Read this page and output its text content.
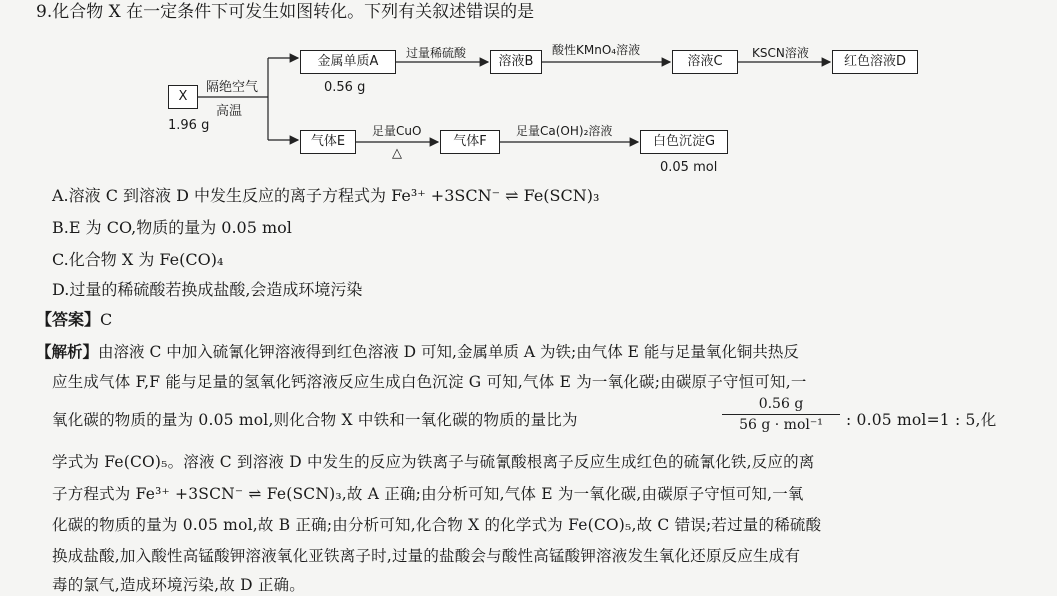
9.化合物 X 在一定条件下可发生如图转化。下列有关叙述错误的是
X
1.96 g
隔绝空气
高温
金属单质A
0.56 g
过量稀硫酸
溶液B
酸性KMnO₄溶液
溶液C
KSCN溶液
红色溶液D
气体E
足量CuO
△
气体F
足量Ca(OH)₂溶液
白色沉淀G
0.05 mol
A.溶液 C 到溶液 D 中发生反应的离子方程式为 Fe³⁺ +3SCN⁻ ⇌ Fe(SCN)₃
B.E 为 CO,物质的量为 0.05 mol
C.化合物 X 为 Fe(CO)₄
D.过量的稀硫酸若换成盐酸,会造成环境污染
【答案】C
【解析】由溶液 C 中加入硫氰化钾溶液得到红色溶液 D 可知,金属单质 A 为铁;由气体 E 能与足量氧化铜共热反
应生成气体 F,F 能与足量的氢氧化钙溶液反应生成白色沉淀 G 可知,气体 E 为一氧化碳;由碳原子守恒可知,一
氧化碳的物质的量为 0.05 mol,则化合物 X 中铁和一氧化碳的物质的量比为
0.56 g
56 g · mol⁻¹	: 0.05 mol=1 : 5,化
学式为 Fe(CO)₅。溶液 C 到溶液 D 中发生的反应为铁离子与硫氰酸根离子反应生成红色的硫氰化铁,反应的离
子方程式为 Fe³⁺ +3SCN⁻ ⇌ Fe(SCN)₃,故 A 正确;由分析可知,气体 E 为一氧化碳,由碳原子守恒可知,一氧
化碳的物质的量为 0.05 mol,故 B 正确;由分析可知,化合物 X 的化学式为 Fe(CO)₅,故 C 错误;若过量的稀硫酸
换成盐酸,加入酸性高锰酸钾溶液氧化亚铁离子时,过量的盐酸会与酸性高锰酸钾溶液发生氧化还原反应生成有
毒的氯气,造成环境污染,故 D 正确。
